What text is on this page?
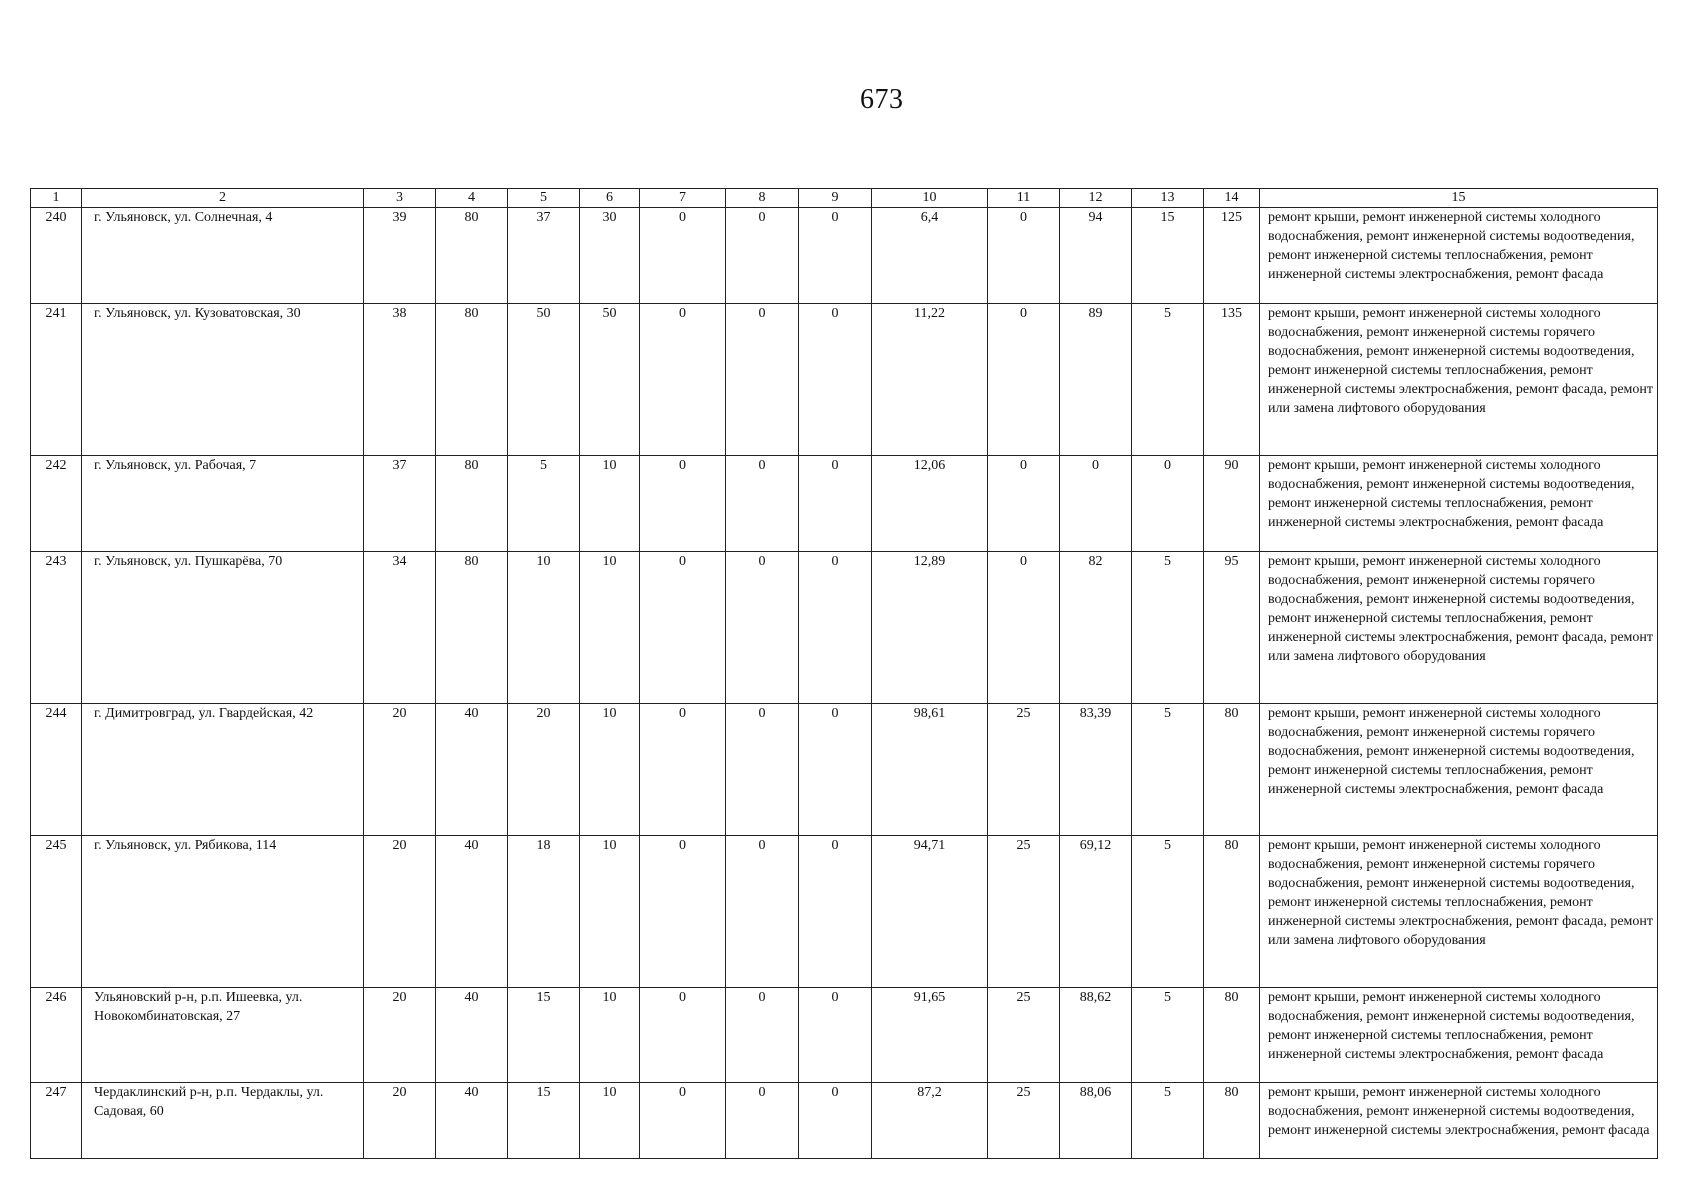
673
1	2	3	4	5	6	7	8	9	10	11	12	13	14	15
240	г. Ульяновск, ул. Солнечная, 4	39	80	37	30	0	0	0	6,4	0	94	15	125	ремонт крыши, ремонт инженерной системы холодного водоснабжения, ремонт инженерной системы водоотведения, ремонт инженерной системы теплоснабжения, ремонт инженерной системы электроснабжения, ремонт фасада
241	г. Ульяновск, ул. Кузоватовская, 30	38	80	50	50	0	0	0	11,22	0	89	5	135	ремонт крыши, ремонт инженерной системы холодного водоснабжения, ремонт инженерной системы горячего водоснабжения, ремонт инженерной системы водоотведения, ремонт инженерной системы теплоснабжения, ремонт инженерной системы электроснабжения, ремонт фасада, ремонт или замена лифтового оборудования
242	г. Ульяновск, ул. Рабочая, 7	37	80	5	10	0	0	0	12,06	0	0	0	90	ремонт крыши, ремонт инженерной системы холодного водоснабжения, ремонт инженерной системы водоотведения, ремонт инженерной системы теплоснабжения, ремонт инженерной системы электроснабжения, ремонт фасада
243	г. Ульяновск, ул. Пушкарёва, 70	34	80	10	10	0	0	0	12,89	0	82	5	95	ремонт крыши, ремонт инженерной системы холодного водоснабжения, ремонт инженерной системы горячего водоснабжения, ремонт инженерной системы водоотведения, ремонт инженерной системы теплоснабжения, ремонт инженерной системы электроснабжения, ремонт фасада, ремонт или замена лифтового оборудования
244	г. Димитровград, ул. Гвардейская, 42	20	40	20	10	0	0	0	98,61	25	83,39	5	80	ремонт крыши, ремонт инженерной системы холодного водоснабжения, ремонт инженерной системы горячего водоснабжения, ремонт инженерной системы водоотведения, ремонт инженерной системы теплоснабжения, ремонт инженерной системы электроснабжения, ремонт фасада
245	г. Ульяновск, ул. Рябикова, 114	20	40	18	10	0	0	0	94,71	25	69,12	5	80	ремонт крыши, ремонт инженерной системы холодного водоснабжения, ремонт инженерной системы горячего водоснабжения, ремонт инженерной системы водоотведения, ремонт инженерной системы теплоснабжения, ремонт инженерной системы электроснабжения, ремонт фасада, ремонт или замена лифтового оборудования
246	Ульяновский р-н, р.п. Ишеевка, ул. Новокомбинатовская, 27	20	40	15	10	0	0	0	91,65	25	88,62	5	80	ремонт крыши, ремонт инженерной системы холодного водоснабжения, ремонт инженерной системы водоотведения, ремонт инженерной системы теплоснабжения, ремонт инженерной системы электроснабжения, ремонт фасада
247	Чердаклинский р-н, р.п. Чердаклы, ул. Садовая, 60	20	40	15	10	0	0	0	87,2	25	88,06	5	80	ремонт крыши, ремонт инженерной системы холодного водоснабжения, ремонт инженерной системы водоотведения, ремонт инженерной системы электроснабжения, ремонт фасада
